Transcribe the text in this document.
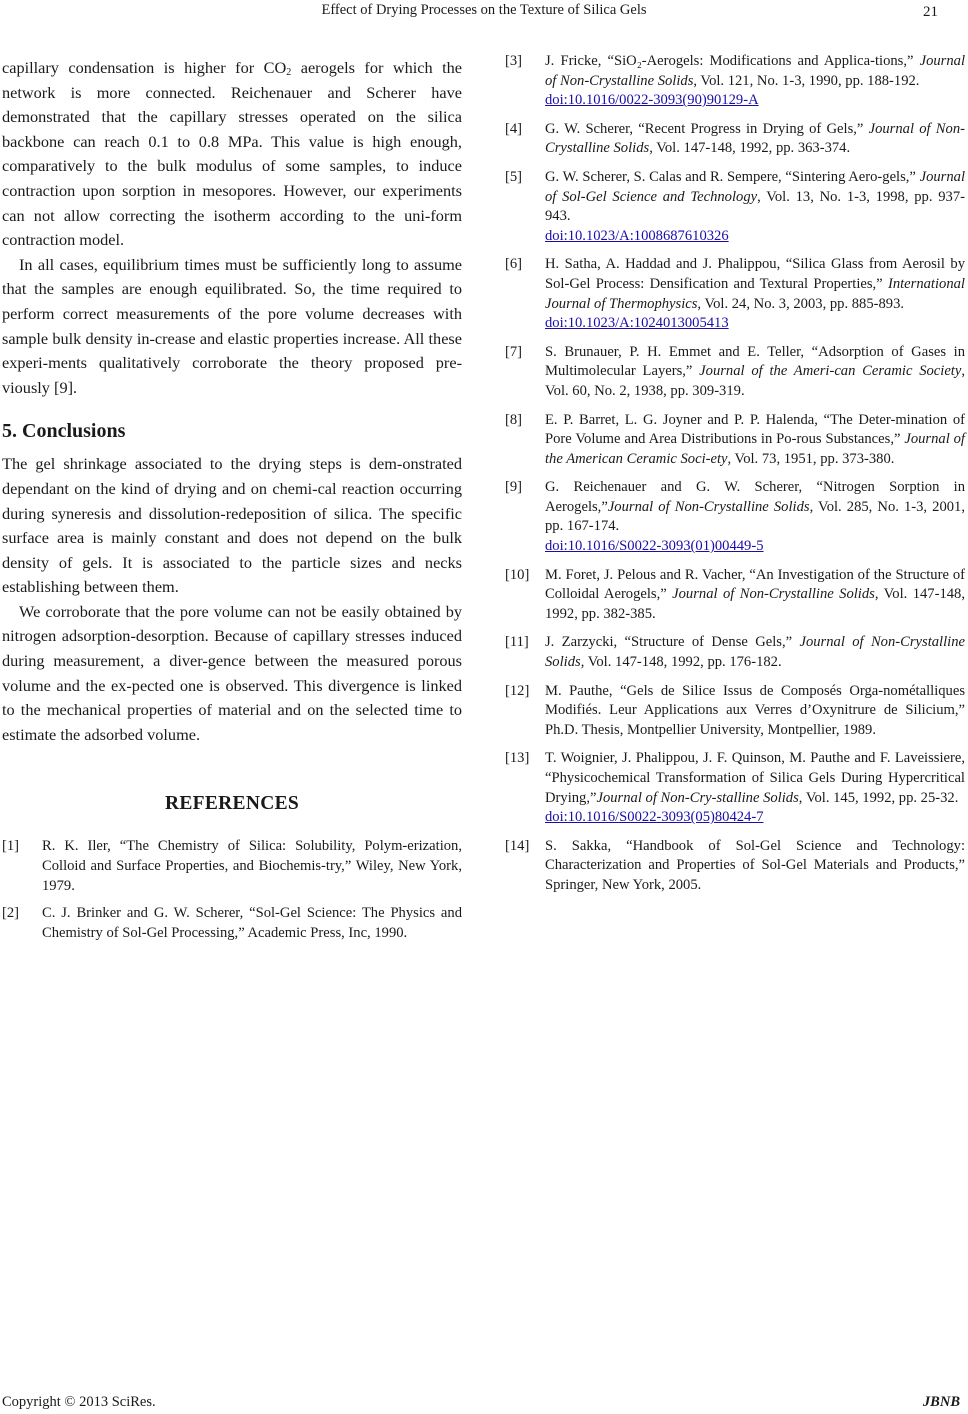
Effect of Drying Processes on the Texture of Silica Gels	21

capillary condensation is higher for $CO_2$ aerogels for which the network is more connected. Reichenauer and Scherer have demonstrated that the capillary stresses operated on the silica backbone can reach 0.1 to 0.8 MPa. This value is high enough, comparatively to the bulk modulus of some samples, to induce contraction upon sorption in mesopores. However, our experiments can not allow correcting the isotherm according to the uni-form contraction model.

In all cases, equilibrium times must be sufficiently long to assume that the samples are enough equilibrated. So, the time required to perform correct measurements of the pore volume decreases with sample bulk density in-crease and elastic properties increase. All these experi-ments qualitatively corroborate the theory proposed pre-viously [9].

5. Conclusions

The gel shrinkage associated to the drying steps is dem-onstrated dependant on the kind of drying and on chemi-cal reaction occurring during syneresis and dissolution-redeposition of silica. The specific surface area is mainly constant and does not depend on the bulk density of gels. It is associated to the particle sizes and necks establishing between them.

We corroborate that the pore volume can not be easily obtained by nitrogen adsorption-desorption. Because of capillary stresses induced during measurement, a diver-gence between the measured porous volume and the ex-pected one is observed. This divergence is linked to the mechanical properties of material and on the selected time to estimate the adsorbed volume.

REFERENCES
[1] R. K. Iler, “The Chemistry of Silica: Solubility, Polym-erization, Colloid and Surface Properties, and Biochemis-try,” Wiley, New York, 1979.
[2] C. J. Brinker and G. W. Scherer, “Sol-Gel Science: The Physics and Chemistry of Sol-Gel Processing,” Academic Press, Inc, 1990.
[3] J. Fricke, “SiO₂-Aerogels: Modifications and Applica-tions,” Journal of Non-Crystalline Solids, Vol. 121, No. 1-3, 1990, pp. 188-192.
doi:10.1016/0022-3093(90)90129-A
[4] G. W. Scherer, “Recent Progress in Drying of Gels,” Journal of Non-Crystalline Solids, Vol. 147-148, 1992, pp. 363-374.
[5] G. W. Scherer, S. Calas and R. Sempere, “Sintering Aero-gels,” Journal of Sol-Gel Science and Technology, Vol. 13, No. 1-3, 1998, pp. 937-943.
doi:10.1023/A:1008687610326
[6] H. Satha, A. Haddad and J. Phalippou, “Silica Glass from Aerosil by Sol-Gel Process: Densification and Textural Properties,” International Journal of Thermophysics, Vol. 24, No. 3, 2003, pp. 885-893.
doi:10.1023/A:1024013005413
[7] S. Brunauer, P. H. Emmet and E. Teller, “Adsorption of Gases in Multimolecular Layers,” Journal of the Ameri-can Ceramic Society, Vol. 60, No. 2, 1938, pp. 309-319.
[8] E. P. Barret, L. G. Joyner and P. P. Halenda, “The Deter-mination of Pore Volume and Area Distributions in Po-rous Substances,” Journal of the American Ceramic Soci-ety, Vol. 73, 1951, pp. 373-380.
[9] G. Reichenauer and G. W. Scherer, “Nitrogen Sorption in Aerogels,”Journal of Non-Crystalline Solids, Vol. 285, No. 1-3, 2001, pp. 167-174.
doi:10.1016/S0022-3093(01)00449-5
[10] M. Foret, J. Pelous and R. Vacher, “An Investigation of the Structure of Colloidal Aerogels,” Journal of Non-Crystalline Solids, Vol. 147-148, 1992, pp. 382-385.
[11] J. Zarzycki, “Structure of Dense Gels,” Journal of Non-Crystalline Solids, Vol. 147-148, 1992, pp. 176-182.
[12] M. Pauthe, “Gels de Silice Issus de Composés Orga-nométalliques Modifiés. Leur Applications aux Verres d’Oxynitrure de Silicium,” Ph.D. Thesis, Montpellier University, Montpellier, 1989.
[13] T. Woignier, J. Phalippou, J. F. Quinson, M. Pauthe and F. Laveissiere, “Physicochemical Transformation of Silica Gels During Hypercritical Drying,”Journal of Non-Cry-stalline Solids, Vol. 145, 1992, pp. 25-32.
doi:10.1016/S0022-3093(05)80424-7
[14] S. Sakka, “Handbook of Sol-Gel Science and Technology: Characterization and Properties of Sol-Gel Materials and Products,” Springer, New York, 2005.
Copyright © 2013 SciRes.	JBNB
